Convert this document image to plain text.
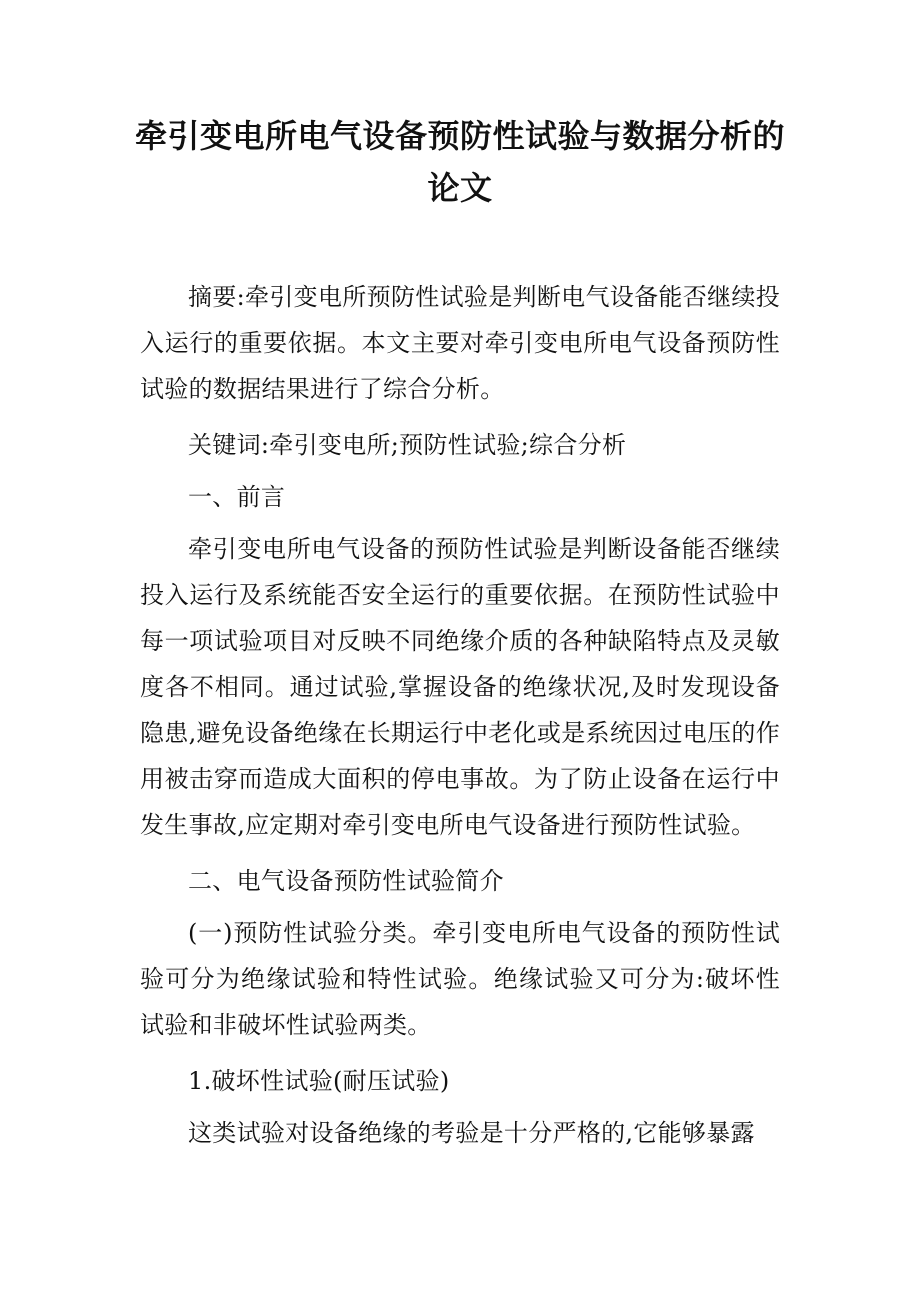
牵引变电所电气设备预防性试验与数据分析的论文

摘要:牵引变电所预防性试验是判断电气设备能否继续投入运行的重要依据。本文主要对牵引变电所电气设备预防性试验的数据结果进行了综合分析。

关键词:牵引变电所;预防性试验;综合分析

一、前言

牵引变电所电气设备的预防性试验是判断设备能否继续投入运行及系统能否安全运行的重要依据。在预防性试验中每一项试验项目对反映不同绝缘介质的各种缺陷特点及灵敏度各不相同。通过试验,掌握设备的绝缘状况,及时发现设备隐患,避免设备绝缘在长期运行中老化或是系统因过电压的作用被击穿而造成大面积的停电事故。为了防止设备在运行中发生事故,应定期对牵引变电所电气设备进行预防性试验。

二、电气设备预防性试验简介

(一)预防性试验分类。牵引变电所电气设备的预防性试验可分为绝缘试验和特性试验。绝缘试验又可分为:破坏性试验和非破坏性试验两类。

1.破坏性试验(耐压试验)

这类试验对设备绝缘的考验是十分严格的,它能够暴露
